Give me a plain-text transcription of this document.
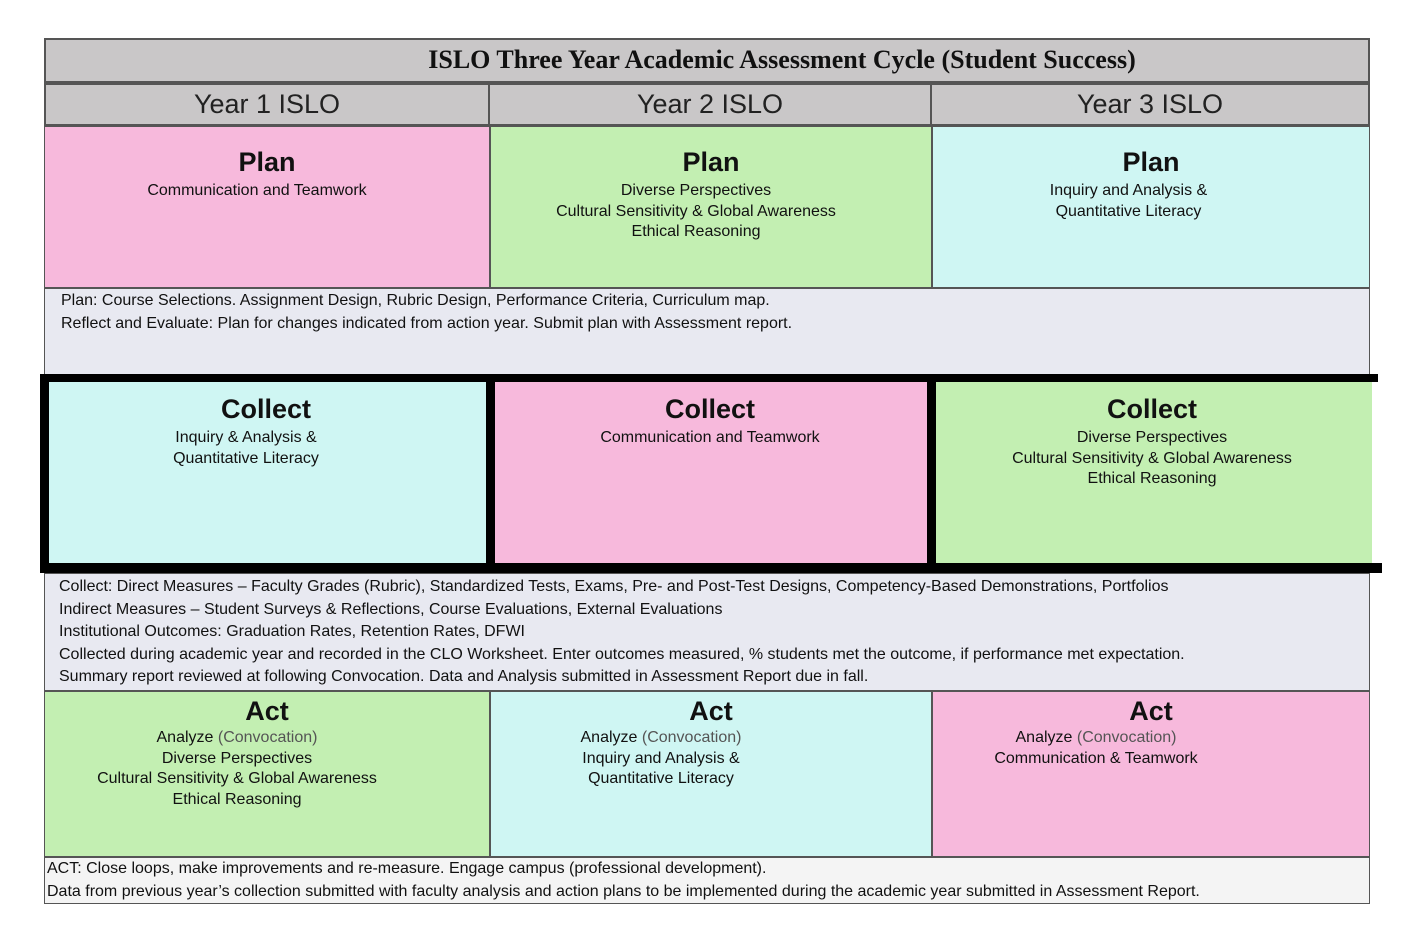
ISLO Three Year Academic Assessment Cycle (Student Success)
Year 1 ISLO	Year 2 ISLO	Year 3 ISLO
Plan
Communication and Teamwork
Plan
Diverse Perspectives
Cultural Sensitivity & Global Awareness
Ethical Reasoning
Plan
Inquiry and Analysis &
Quantitative Literacy
Plan: Course Selections. Assignment Design, Rubric Design, Performance Criteria, Curriculum map.
Reflect and Evaluate: Plan for changes indicated from action year. Submit plan with Assessment report.
Collect
Inquiry & Analysis &
Quantitative Literacy
Collect
Communication and Teamwork
Collect
Diverse Perspectives
Cultural Sensitivity & Global Awareness
Ethical Reasoning
Collect: Direct Measures – Faculty Grades (Rubric), Standardized Tests, Exams, Pre- and Post-Test Designs, Competency-Based Demonstrations, Portfolios
Indirect Measures – Student Surveys & Reflections, Course Evaluations, External Evaluations
Institutional Outcomes: Graduation Rates, Retention Rates, DFWI
Collected during academic year and recorded in the CLO Worksheet. Enter outcomes measured, % students met the outcome, if performance met expectation.
Summary report reviewed at following Convocation. Data and Analysis submitted in Assessment Report due in fall.
Act
Analyze (Convocation)
Diverse Perspectives
Cultural Sensitivity & Global Awareness
Ethical Reasoning
Act
Analyze (Convocation)
Inquiry and Analysis &
Quantitative Literacy
Act
Analyze (Convocation)
Communication & Teamwork
ACT: Close loops, make improvements and re-measure. Engage campus (professional development).
Data from previous year’s collection submitted with faculty analysis and action plans to be implemented during the academic year submitted in Assessment Report.
